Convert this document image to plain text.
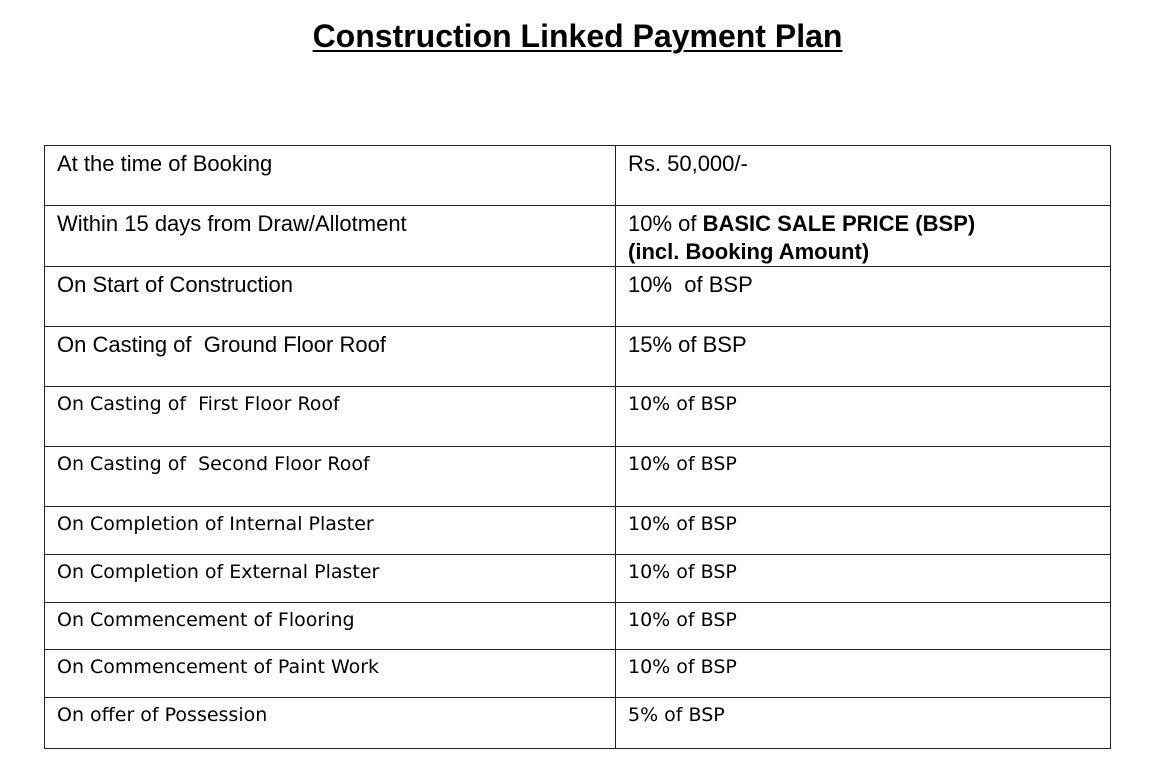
Construction Linked Payment Plan
At the time of Booking	Rs. 50,000/-
Within 15 days from Draw/Allotment	10% of BASIC SALE PRICE (BSP)
(incl. Booking Amount)

On Start of Construction	10%  of BSP
On Casting of  Ground Floor Roof	15% of BSP
On Casting of  First Floor Roof	10% of BSP
On Casting of  Second Floor Roof	10% of BSP
On Completion of Internal Plaster	10% of BSP
On Completion of External Plaster	10% of BSP
On Commencement of Flooring	10% of BSP
On Commencement of Paint Work	10% of BSP
On offer of Possession	5% of BSP
